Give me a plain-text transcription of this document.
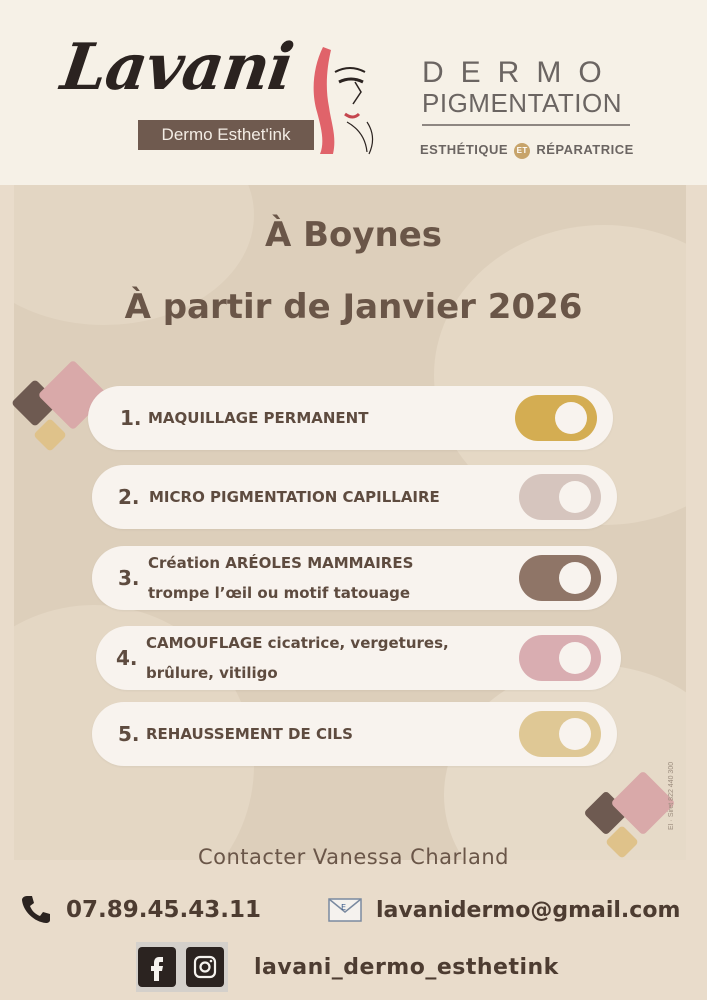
Lavani
Dermo Esthet'ink
DERMO
PIGMENTATION
ESTHÉTIQUE ET RÉPARATRICE
À Boynes
À partir de Janvier 2026
1. MAQUILLAGE PERMANENT
2. MICRO PIGMENTATION CAPILLAIRE
3.
Création ARÉOLES MAMMAIRES
trompe l’œil ou motif tatouage
4.
CAMOUFLAGE cicatrice, vergetures,
brûlure, vitiligo
5. REHAUSSEMENT DE CILS
EI · Siret 822 440 300
Contacter Vanessa Charland
07.89.45.43.11	E lavanidermo@gmail.com
lavani_dermo_esthetink
